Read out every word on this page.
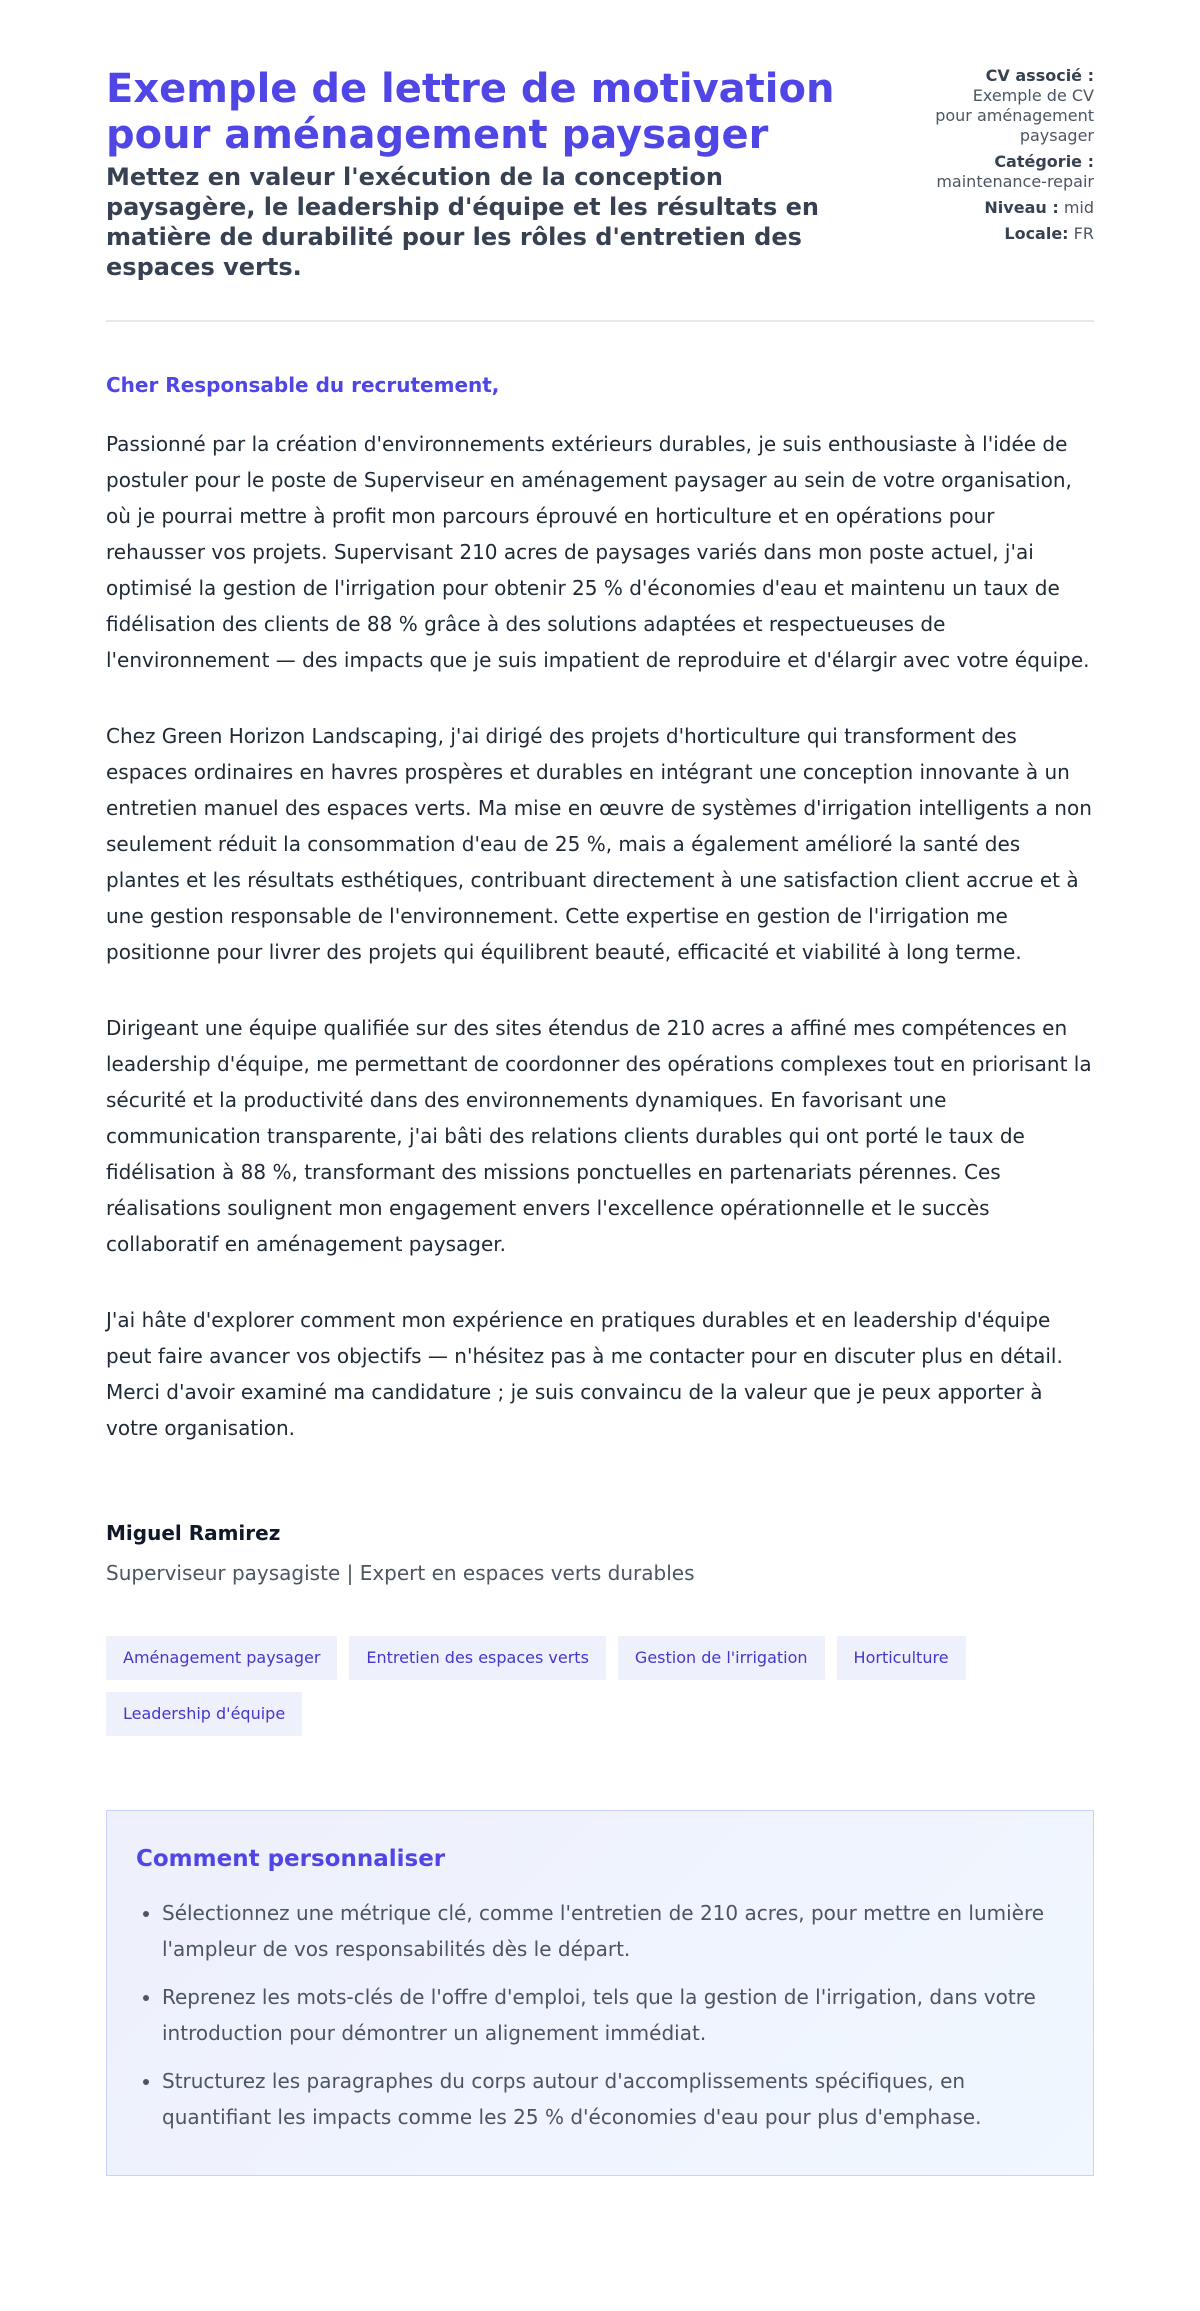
Exemple de lettre de motivation pour aménagement paysager
Mettez en valeur l'exécution de la conception paysagère, le leadership d'équipe et les résultats en matière de durabilité pour les rôles d'entretien des espaces verts.
CV associé :
Exemple de CV pour aménagement paysager
Catégorie :
maintenance-repair
Niveau : mid
Locale: FR

Cher Responsable du recrutement,

Passionné par la création d'environnements extérieurs durables, je suis enthousiaste à l'idée de postuler pour le poste de Superviseur en aménagement paysager au sein de votre organisation, où je pourrai mettre à profit mon parcours éprouvé en horticulture et en opérations pour rehausser vos projets. Supervisant 210 acres de paysages variés dans mon poste actuel, j'ai optimisé la gestion de l'irrigation pour obtenir 25 % d'économies d'eau et maintenu un taux de fidélisation des clients de 88 % grâce à des solutions adaptées et respectueuses de l'environnement — des impacts que je suis impatient de reproduire et d'élargir avec votre équipe.

Chez Green Horizon Landscaping, j'ai dirigé des projets d'horticulture qui transforment des espaces ordinaires en havres prospères et durables en intégrant une conception innovante à un entretien manuel des espaces verts. Ma mise en œuvre de systèmes d'irrigation intelligents a non seulement réduit la consommation d'eau de 25 %, mais a également amélioré la santé des plantes et les résultats esthétiques, contribuant directement à une satisfaction client accrue et à une gestion responsable de l'environnement. Cette expertise en gestion de l'irrigation me positionne pour livrer des projets qui équilibrent beauté, efficacité et viabilité à long terme.

Dirigeant une équipe qualifiée sur des sites étendus de 210 acres a affiné mes compétences en leadership d'équipe, me permettant de coordonner des opérations complexes tout en priorisant la sécurité et la productivité dans des environnements dynamiques. En favorisant une communication transparente, j'ai bâti des relations clients durables qui ont porté le taux de fidélisation à 88 %, transformant des missions ponctuelles en partenariats pérennes. Ces réalisations soulignent mon engagement envers l'excellence opérationnelle et le succès collaboratif en aménagement paysager.

J'ai hâte d'explorer comment mon expérience en pratiques durables et en leadership d'équipe peut faire avancer vos objectifs — n'hésitez pas à me contacter pour en discuter plus en détail. Merci d'avoir examiné ma candidature ; je suis convaincu de la valeur que je peux apporter à votre organisation.

Miguel Ramirez

Superviseur paysagiste | Expert en espaces verts durables

Aménagement paysager	Entretien des espaces verts	Gestion de l'irrigation	Horticulture
Leadership d'équipe
Comment personnaliser
• Sélectionnez une métrique clé, comme l'entretien de 210 acres, pour mettre en lumière l'ampleur de vos responsabilités dès le départ.
• Reprenez les mots-clés de l'offre d'emploi, tels que la gestion de l'irrigation, dans votre introduction pour démontrer un alignement immédiat.
• Structurez les paragraphes du corps autour d'accomplissements spécifiques, en quantifiant les impacts comme les 25 % d'économies d'eau pour plus d'emphase.
